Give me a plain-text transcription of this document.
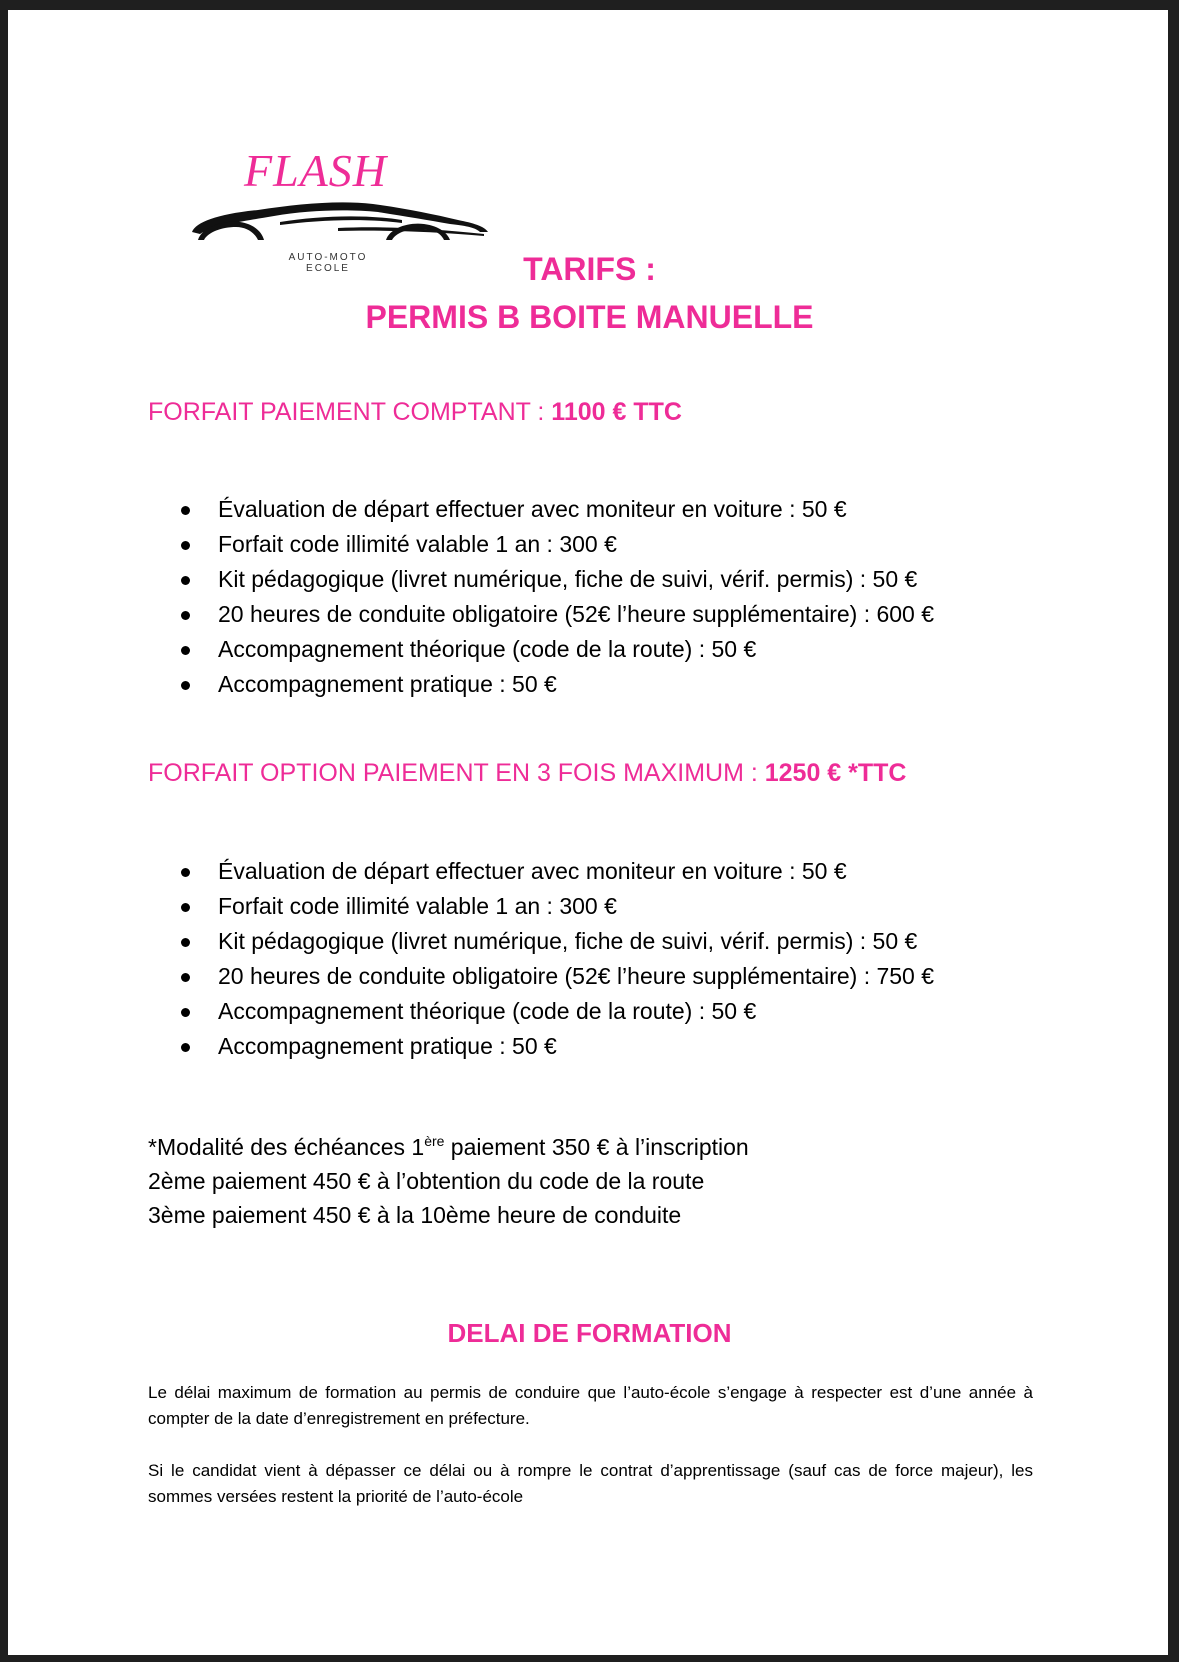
FLASH

AUTO-MOTO
ECOLE	TARIFS :

PERMIS B BOITE MANUELLE

FORFAIT PAIEMENT COMPTANT : 1100 € TTC

Évaluation de départ effectuer avec moniteur en voiture : 50 €
Forfait code illimité valable 1 an : 300 €
Kit pédagogique (livret numérique, fiche de suivi, vérif. permis) : 50 €
20 heures de conduite obligatoire (52€ l’heure supplémentaire) : 600 €
Accompagnement théorique (code de la route) : 50 €
Accompagnement pratique : 50 €

FORFAIT OPTION PAIEMENT EN 3 FOIS MAXIMUM : 1250 € *TTC

Évaluation de départ effectuer avec moniteur en voiture : 50 €
Forfait code illimité valable 1 an : 300 €
Kit pédagogique (livret numérique, fiche de suivi, vérif. permis) : 50 €
20 heures de conduite obligatoire (52€ l’heure supplémentaire) : 750 €
Accompagnement théorique (code de la route) : 50 €
Accompagnement pratique : 50 €
*Modalité des échéances 1ère paiement 350 € à l’inscription
2ème paiement 450 € à l’obtention du code de la route
3ème paiement 450 € à la 10ème heure de conduite

DELAI DE FORMATION

Le délai maximum de formation au permis de conduire que l’auto-école s’engage à respecter est d’une année à compter de la date d’enregistrement en préfecture.

Si le candidat vient à dépasser ce délai ou à rompre le contrat d’apprentissage (sauf cas de force majeur), les sommes versées restent la priorité de l’auto-école
